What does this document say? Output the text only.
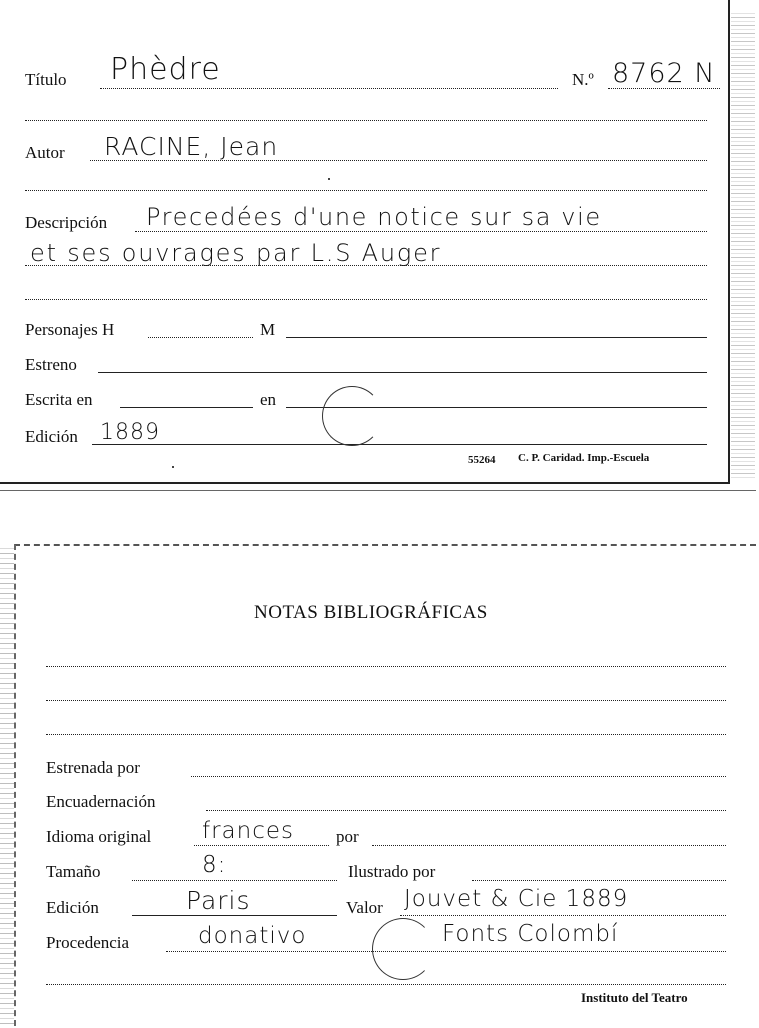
Título Phèdre	N.º 8762 N
Autor RACINE, Jean
Descripción Precedées d'une notice sur sa vie
et ses ouvrages par L.S Auger
Personajes H	M
Estreno
Escrita en	en
Edición 1889
55264 C. P. Caridad. Imp.-Escuela
NOTAS BIBLIOGRÁFICAS
Estrenada por
Encuadernación
Idioma original frances por
Tamaño	8:	Ilustrado por
Edición	Paris	Valor Jouvet & Cie 1889
Procedencia	donativo	Fonts Colombí
Instituto del Teatro
